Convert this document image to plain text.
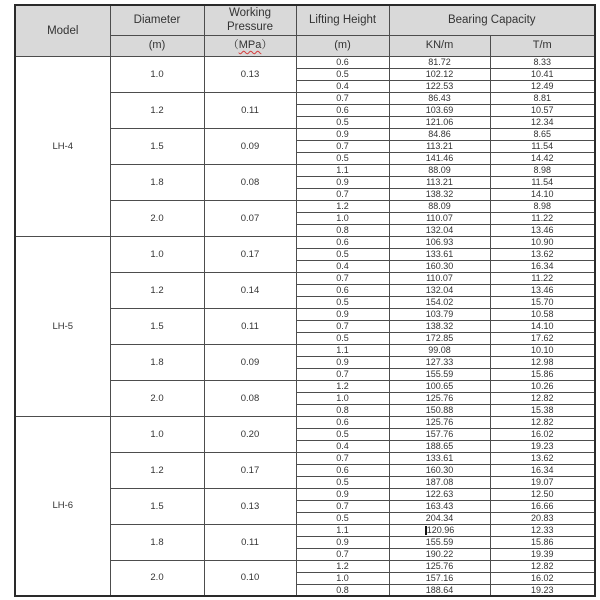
Model	Diameter	Working Pressure	Lifting Height	Bearing Capacity	
	(m)	（MPa）	(m)	KN/m	T/m
LH-4	1.0	0.13	0.6	81.72	8.33
			0.5	102.12	10.41
			0.4	122.53	12.49
	1.2	0.11	0.7	86.43	8.81
			0.6	103.69	10.57
			0.5	121.06	12.34
	1.5	0.09	0.9	84.86	8.65
			0.7	113.21	11.54
			0.5	141.46	14.42
	1.8	0.08	1.1	88.09	8.98
			0.9	113.21	11.54
			0.7	138.32	14.10
	2.0	0.07	1.2	88.09	8.98
			1.0	110.07	11.22
			0.8	132.04	13.46
LH-5	1.0	0.17	0.6	106.93	10.90
			0.5	133.61	13.62
			0.4	160.30	16.34
	1.2	0.14	0.7	110.07	11.22
			0.6	132.04	13.46
			0.5	154.02	15.70
	1.5	0.11	0.9	103.79	10.58
			0.7	138.32	14.10
			0.5	172.85	17.62
	1.8	0.09	1.1	99.08	10.10
			0.9	127.33	12.98
			0.7	155.59	15.86
	2.0	0.08	1.2	100.65	10.26
			1.0	125.76	12.82
			0.8	150.88	15.38
LH-6	1.0	0.20	0.6	125.76	12.82
			0.5	157.76	16.02
			0.4	188.65	19.23
	1.2	0.17	0.7	133.61	13.62
			0.6	160.30	16.34
			0.5	187.08	19.07
	1.5	0.13	0.9	122.63	12.50
			0.7	163.43	16.66
			0.5	204.34	20.83
	1.8	0.11	1.1	120.96	12.33
			0.9	155.59	15.86
			0.7	190.22	19.39
	2.0	0.10	1.2	125.76	12.82
			1.0	157.16	16.02
			0.8	188.64	19.23
